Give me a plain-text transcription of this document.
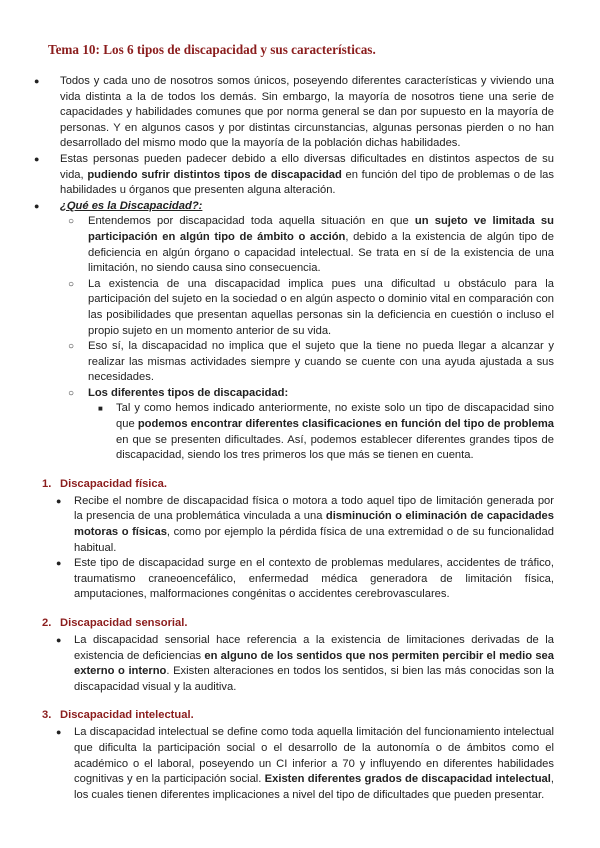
Tema 10: Los 6 tipos de discapacidad y sus características.
● Todos y cada uno de nosotros somos únicos, poseyendo diferentes características y viviendo una vida distinta a la de todos los demás. Sin embargo, la mayoría de nosotros tiene una serie de capacidades y habilidades comunes que por norma general se dan por supuesto en la mayoría de personas. Y en algunos casos y por distintas circunstancias, algunas personas pierden o no han desarrollado del mismo modo que la mayoría de la población dichas habilidades.
● Estas personas pueden padecer debido a ello diversas dificultades en distintos aspectos de su vida, pudiendo sufrir distintos tipos de discapacidad en función del tipo de problemas o de las habilidades u órganos que presenten alguna alteración.
● ¿Qué es la Discapacidad?:
○ Entendemos por discapacidad toda aquella situación en que un sujeto ve limitada su participación en algún tipo de ámbito o acción, debido a la existencia de algún tipo de deficiencia en algún órgano o capacidad intelectual. Se trata en sí de la existencia de una limitación, no siendo causa sino consecuencia.
○ La existencia de una discapacidad implica pues una dificultad u obstáculo para la participación del sujeto en la sociedad o en algún aspecto o dominio vital en comparación con las posibilidades que presentan aquellas personas sin la deficiencia en cuestión o incluso el propio sujeto en un momento anterior de su vida.
○ Eso sí, la discapacidad no implica que el sujeto que la tiene no pueda llegar a alcanzar y realizar las mismas actividades siempre y cuando se cuente con una ayuda ajustada a sus necesidades.
○ Los diferentes tipos de discapacidad:
■ Tal y como hemos indicado anteriormente, no existe solo un tipo de discapacidad sino que podemos encontrar diferentes clasificaciones en función del tipo de problema en que se presenten dificultades. Así, podemos establecer diferentes grandes tipos de discapacidad, siendo los tres primeros los que más se tienen en cuenta.
1. Discapacidad física.
● Recibe el nombre de discapacidad física o motora a todo aquel tipo de limitación generada por la presencia de una problemática vinculada a una disminución o eliminación de capacidades motoras o físicas, como por ejemplo la pérdida física de una extremidad o de su funcionalidad habitual.
● Este tipo de discapacidad surge en el contexto de problemas medulares, accidentes de tráfico, traumatismo craneoencefálico, enfermedad médica generadora de limitación física, amputaciones, malformaciones congénitas o accidentes cerebrovasculares.
2. Discapacidad sensorial.
● La discapacidad sensorial hace referencia a la existencia de limitaciones derivadas de la existencia de deficiencias en alguno de los sentidos que nos permiten percibir el medio sea externo o interno. Existen alteraciones en todos los sentidos, si bien las más conocidas son la discapacidad visual y la auditiva.
3. Discapacidad intelectual.
● La discapacidad intelectual se define como toda aquella limitación del funcionamiento intelectual que dificulta la participación social o el desarrollo de la autonomía o de ámbitos como el académico o el laboral, poseyendo un CI inferior a 70 y influyendo en diferentes habilidades cognitivas y en la participación social. Existen diferentes grados de discapacidad intelectual, los cuales tienen diferentes implicaciones a nivel del tipo de dificultades que pueden presentar.
